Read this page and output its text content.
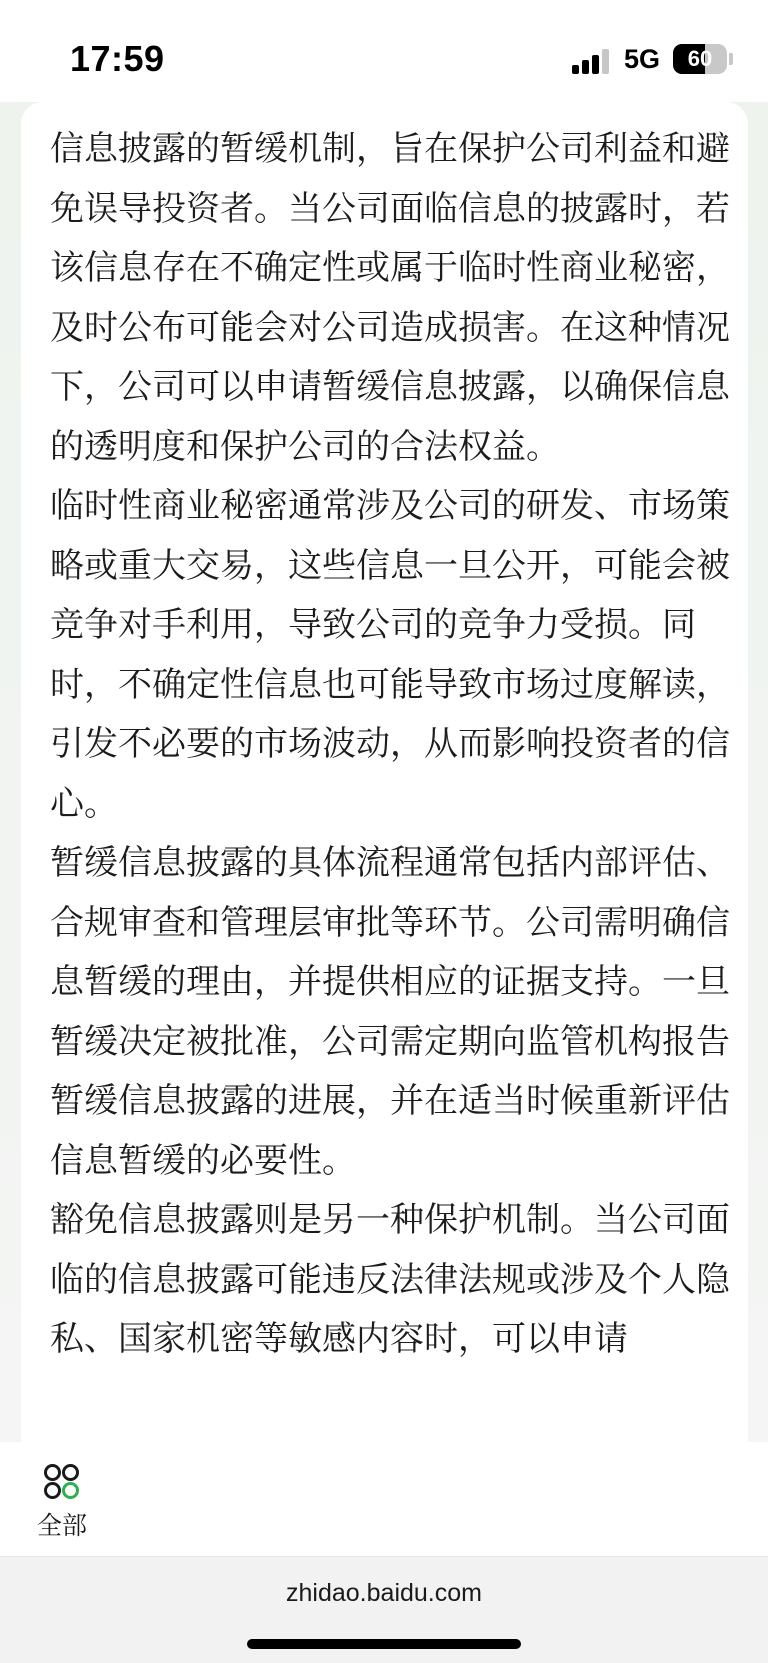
17:59	5G	60

信息披露的暂缓机制，旨在保护公司利益和避免误导投资者。当公司面临信息的披露时，若该信息存在不确定性或属于临时性商业秘密，及时公布可能会对公司造成损害。在这种情况下，公司可以申请暂缓信息披露，以确保信息的透明度和保护公司的合法权益。

临时性商业秘密通常涉及公司的研发、市场策略或重大交易，这些信息一旦公开，可能会被竞争对手利用，导致公司的竞争力受损。同时，不确定性信息也可能导致市场过度解读，引发不必要的市场波动，从而影响投资者的信心。

暂缓信息披露的具体流程通常包括内部评估、合规审查和管理层审批等环节。公司需明确信息暂缓的理由，并提供相应的证据支持。一旦暂缓决定被批准，公司需定期向监管机构报告暂缓信息披露的进展，并在适当时候重新评估信息暂缓的必要性。

豁免信息披露则是另一种保护机制。当公司面临的信息披露可能违反法律法规或涉及个人隐私、国家机密等敏感内容时，可以申请

全部
zhidao.baidu.com
